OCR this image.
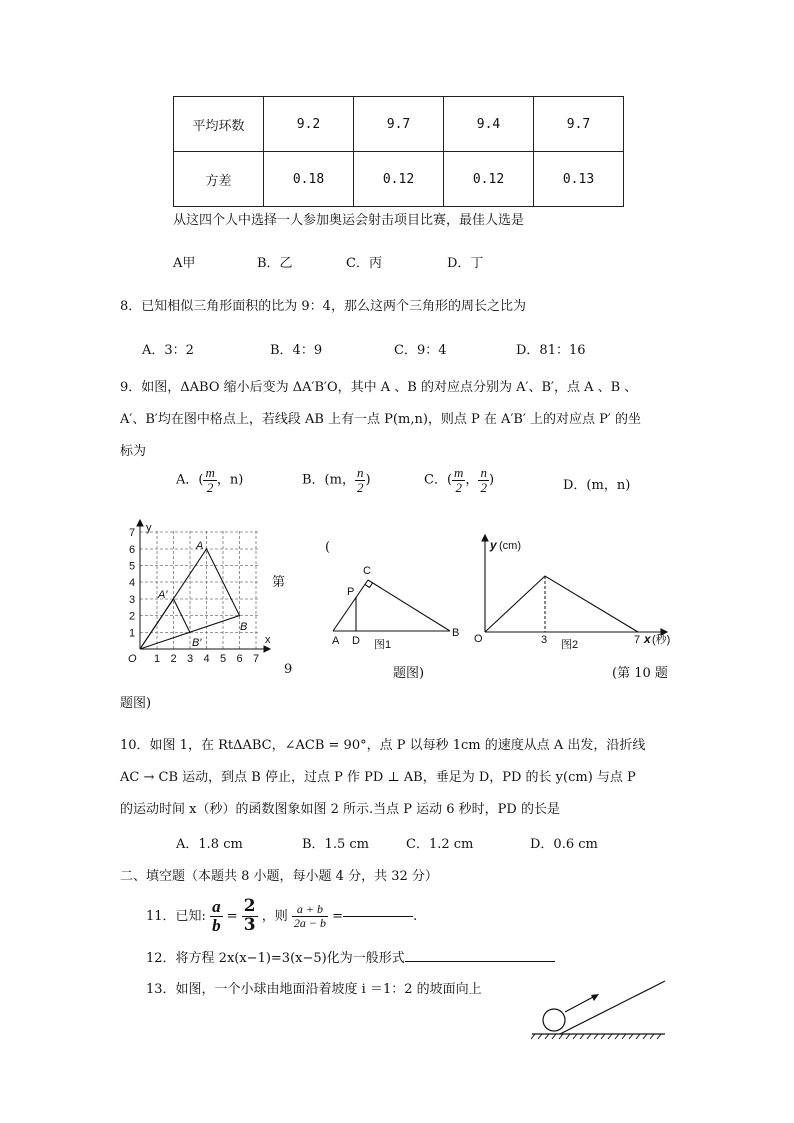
平均环数	9.2	9.7	9.4	9.7
方差	0.18	0.12	0.12	0.13
从这四个人中选择一人参加奥运会射击项目比赛，最佳人选是
A甲	B．乙	C．丙	D．丁
8．已知相似三角形面积的比为 9：4，那么这两个三角形的周长之比为
A．3：2	B．4：9	C．9：4	D．81：16
9．如图，ΔABO 缩小后变为 ΔA′B′O，其中 A 、B 的对应点分别为 A′、B′，点 A 、B 、
A′、B′均在图中格点上，若线段 AB 上有一点 P(m,n)，则点 P 在 A′B′ 上的对应点 P′ 的坐
标为
A．( $\frac{m}{2}$ ，n)	B．(m， $\frac{n}{2}$ )	C．( $\frac{m}{2}$ ， $\frac{n}{2}$ )	D．(m，n)
y
x
O
1
2
3
4
5
6
7
1 2 3 4 5 6 7
A
B
A′
B′
第
9
题图)
(
A D
B
P
C
图1
题图)
y (cm)
O	3	7 x (秒)
图2
(第 10 题
10．如图 1，在 RtΔABC，∠ACB = 90°，点 P 以每秒 1cm 的速度从点 A 出发，沿折线
AC → CB 运动，到点 B 停止，过点 P 作 PD ⊥ AB，垂足为 D，PD 的长 y(cm) 与点 P
的运动时间 x（秒）的函数图象如图 2 所示.当点 P 运动 6 秒时，PD 的长是
A．1.8 cm	B．1.5 cm	C．1.2 cm	D．0.6 cm
二、填空题（本题共 8 小题，每小题 4 分，共 32 分）
11．已知: $\frac{a}{b} = \frac{2}{3}$ ，则 $\frac{a + b}{2a - b}$ =	.
12．将方程 2x(x−1)=3(x−5)化为一般形式
13．如图，一个小球由地面沿着坡度 i ＝1：2 的坡面向上
